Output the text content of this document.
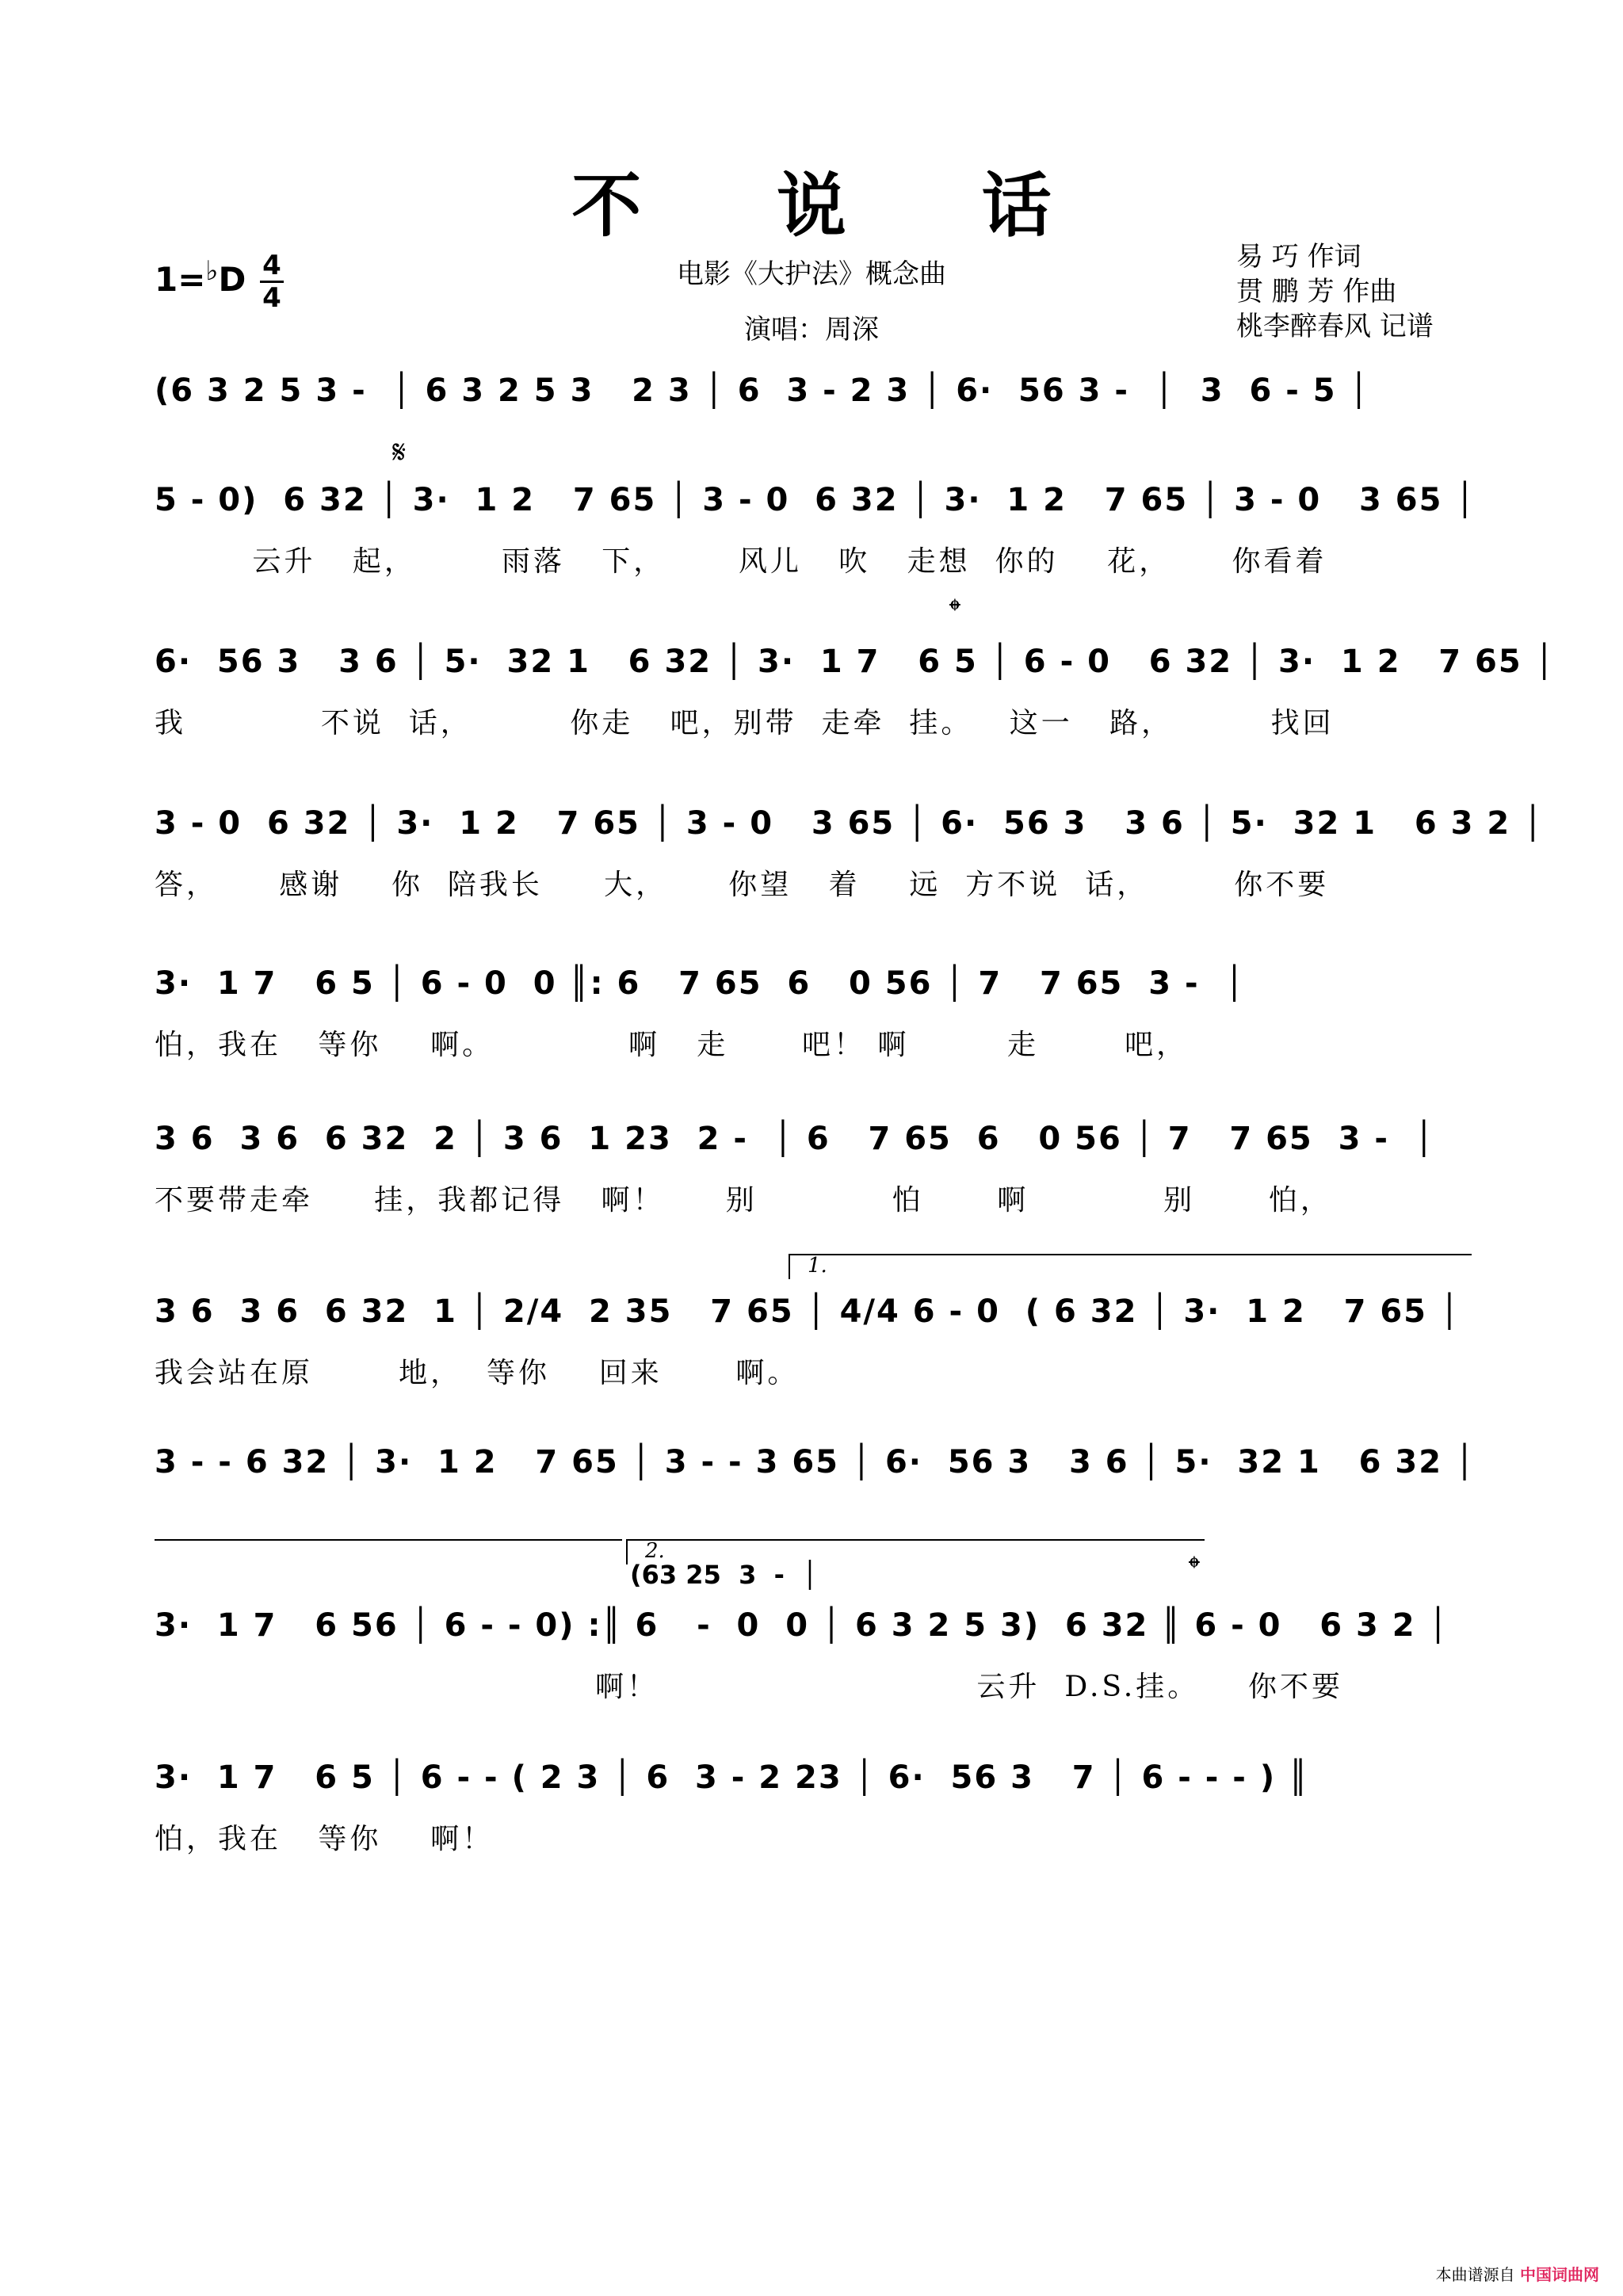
不 说 话
1=♭D 4
4
电影《大护法》概念曲
演唱：周深
易 巧 作词
贯 鹏 芳 作曲
桃李醉春风 记谱
(6 3 2 5 3 -  │ 6 3 2 5 3   2 3 │ 6  3 - 2 3 │ 6·  56 3 -  │  3  6 - 5 │
𝄋
5 - 0)  6 32 │ 3·  1 2   7 65 │ 3 - 0  6 32 │ 3·  1 2   7 65 │ 3 - 0   3 65 │
云升   起，       雨落   下，      风儿   吹   走想  你的    花，     你看着
𝄌
6·  56 3   3 6 │ 5·  32 1   6 32 │ 3·  1 7   6 5 │ 6 - 0   6 32 │ 3·  1 2   7 65 │
我           不说  话，        你走   吧，别带  走牵  挂。   这一   路，        找回
3 - 0  6 32 │ 3·  1 2   7 65 │ 3 - 0   3 65 │ 6·  56 3   3 6 │ 5·  32 1   6 3 2 │
答，     感谢    你  陪我长     大，     你望   着    远  方不说  话，       你不要
3·  1 7   6 5 │ 6 - 0  0 ║: 6   7 65  6   0 56 │ 7   7 65  3 -  │
怕，我在   等你    啊。           啊   走      吧！ 啊        走       吧，
3 6  3 6  6 32  2 │ 3 6  1 23  2 -  │ 6   7 65  6   0 56 │ 7   7 65  3 -  │
不要带走牵     挂，我都记得   啊！     别           怕      啊           别      怕，
1.
3 6  3 6  6 32  1 │ 2/4  2 35   7 65 │ 4/4 6 - 0  ( 6 32 │ 3·  1 2   7 65 │
我会站在原       地，  等你    回来      啊。
3 - - 6 32 │ 3·  1 2   7 65 │ 3 - - 3 65 │ 6·  56 3   3 6 │ 5·  32 1   6 32 │
2.
(63 25  3  -  │	𝄌
3·  1 7   6 56 │ 6 - - 0) :║ 6   -  0  0 │ 6 3 2 5 3)  6 32 ║ 6 - 0   6 3 2 │
啊！                          云升  D.S.挂。    你不要
3·  1 7   6 5 │ 6 - - ( 2 3 │ 6  3 - 2 23 │ 6·  56 3   7 │ 6 - - - ) ║
怕，我在   等你    啊！
本曲谱源自 中国词曲网
